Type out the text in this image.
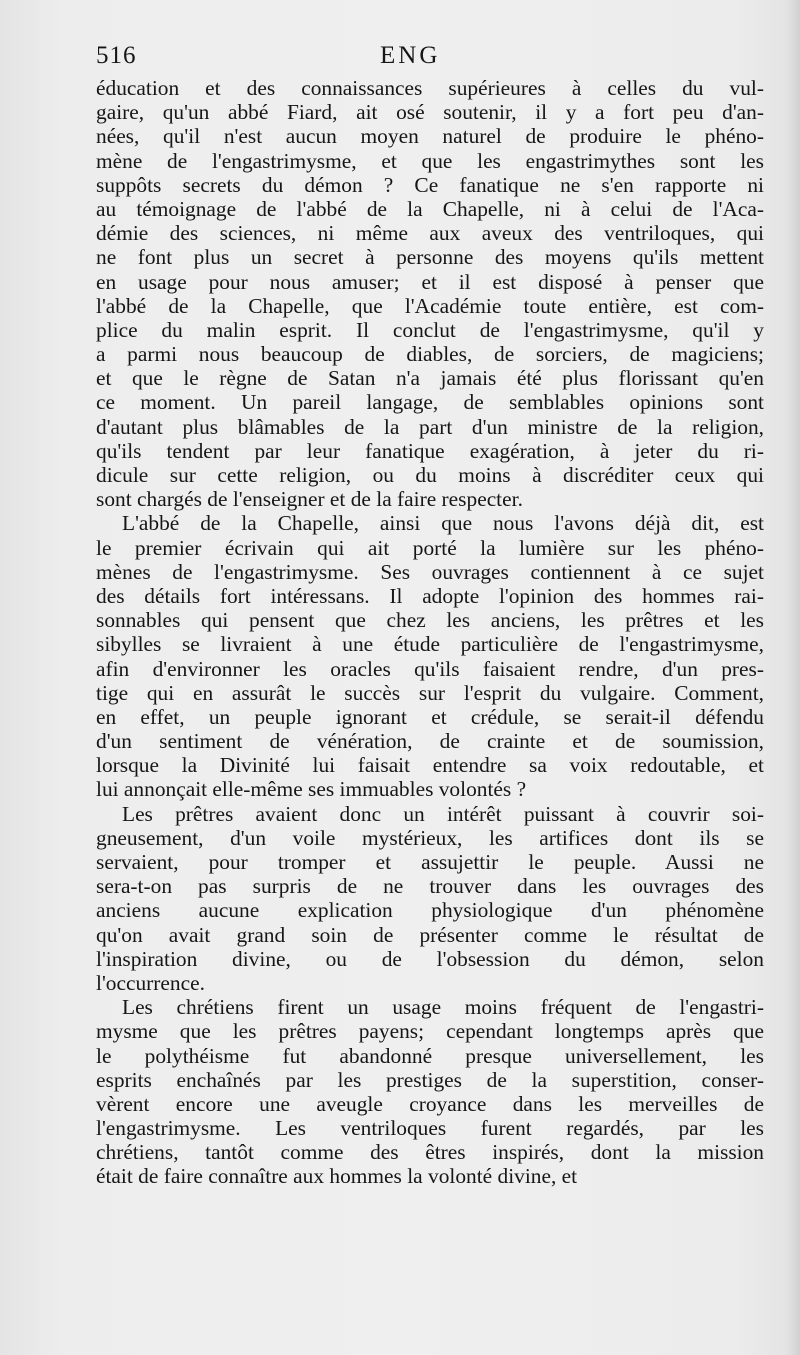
516	ENG

éducation et des connaissances supérieures à celles du vul-
gaire, qu'un abbé Fiard, ait osé soutenir, il y a fort peu d'an-
nées, qu'il n'est aucun moyen naturel de produire le phéno-
mène de l'engastrimysme, et que les engastrimythes sont les
suppôts secrets du démon ? Ce fanatique ne s'en rapporte ni
au témoignage de l'abbé de la Chapelle, ni à celui de l'Aca-
démie des sciences, ni même aux aveux des ventriloques, qui
ne font plus un secret à personne des moyens qu'ils mettent
en usage pour nous amuser; et il est disposé à penser que
l'abbé de la Chapelle, que l'Académie toute entière, est com-
plice du malin esprit. Il conclut de l'engastrimysme, qu'il y
a parmi nous beaucoup de diables, de sorciers, de magiciens;
et que le règne de Satan n'a jamais été plus florissant qu'en
ce moment. Un pareil langage, de semblables opinions sont
d'autant plus blâmables de la part d'un ministre de la religion,
qu'ils tendent par leur fanatique exagération, à jeter du ri-
dicule sur cette religion, ou du moins à discréditer ceux qui
sont chargés de l'enseigner et de la faire respecter.

L'abbé de la Chapelle, ainsi que nous l'avons déjà dit, est
le premier écrivain qui ait porté la lumière sur les phéno-
mènes de l'engastrimysme. Ses ouvrages contiennent à ce sujet
des détails fort intéressans. Il adopte l'opinion des hommes rai-
sonnables qui pensent que chez les anciens, les prêtres et les
sibylles se livraient à une étude particulière de l'engastrimysme,
afin d'environner les oracles qu'ils faisaient rendre, d'un pres-
tige qui en assurât le succès sur l'esprit du vulgaire. Comment,
en effet, un peuple ignorant et crédule, se serait-il défendu
d'un sentiment de vénération, de crainte et de soumission,
lorsque la Divinité lui faisait entendre sa voix redoutable, et
lui annonçait elle-même ses immuables volontés ?

Les prêtres avaient donc un intérêt puissant à couvrir soi-
gneusement, d'un voile mystérieux, les artifices dont ils se
servaient, pour tromper et assujettir le peuple. Aussi ne
sera-t-on pas surpris de ne trouver dans les ouvrages des
anciens aucune explication physiologique d'un phénomène
qu'on avait grand soin de présenter comme le résultat de
l'inspiration divine, ou de l'obsession du démon, selon
l'occurrence.

Les chrétiens firent un usage moins fréquent de l'engastri-
mysme que les prêtres payens; cependant longtemps après que
le polythéisme fut abandonné presque universellement, les
esprits enchaînés par les prestiges de la superstition, conser-
vèrent encore une aveugle croyance dans les merveilles de
l'engastrimysme. Les ventriloques furent regardés, par les
chrétiens, tantôt comme des êtres inspirés, dont la mission
était de faire connaître aux hommes la volonté divine, et
